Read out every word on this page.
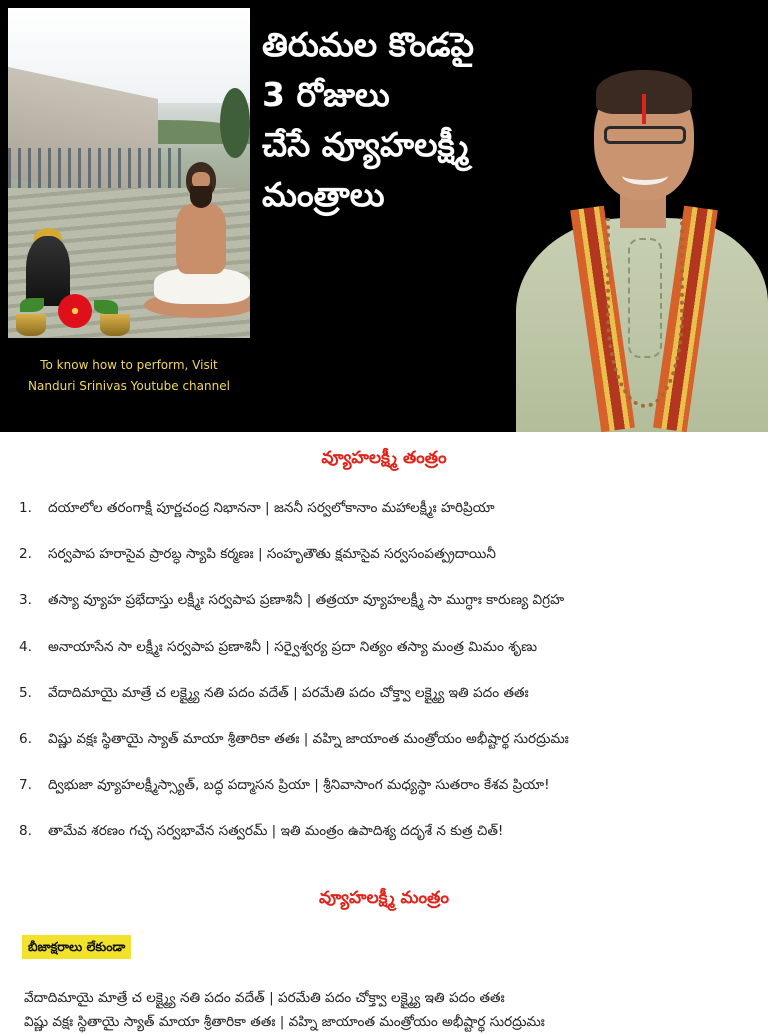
To know how to perform, Visit
Nanduri Srinivas Youtube channel
తిరుమల కొండపై
3 రోజులు
చేసే వ్యూహలక్ష్మీ
మంత్రాలు
వ్యూహలక్ష్మీ తంత్రం
1. దయాలోల తరంగాక్షీ పూర్ణచంద్ర నిభాననా | జననీ సర్వలోకానాం మహాలక్ష్మీః హరిప్రియా
2. సర్వపాప హరాసైవ ప్రారబ్ధ స్యాపి కర్మణః | సంహృతౌతు క్షమాసైవ సర్వసంపత్ప్రదాయినీ
3. తస్యా వ్యూహ ప్రభేదాస్తు లక్ష్మీః సర్వపాప ప్రణాశినీ | తత్రయా వ్యూహలక్ష్మీ సా ముగ్ధాః కారుణ్య విగ్రహ
4. అనాయాసేన సా లక్ష్మీః సర్వపాప ప్రణాశినీ | సర్వైశ్వర్య ప్రదా నిత్యం తస్యా మంత్ర మిమం శృణు
5. వేదాదిమాయై మాత్రే చ లక్ష్మ్యై నతి పదం వదేత్ | పరమేతి పదం చోక్త్వా లక్ష్మ్యై ఇతి పదం తతః
6. విష్ణు వక్షః స్థితాయై స్యాత్ మాయా శ్రీతారికా తతః | వహ్ని జాయాంత మంత్రోయం అభీష్టార్థ సురద్రుమః
7. ద్విభుజా వ్యూహలక్ష్మీస్స్యాత్, బద్ధ పద్మాసన ప్రియా | శ్రీనివాసాంగ మధ్యస్థా సుతరాం కేశవ ప్రియా!
8. తామేవ శరణం గచ్ఛ సర్వభావేన సత్వరమ్ | ఇతి మంత్రం ఉపాదిశ్య దదృశే న కుత్ర చిత్!
వ్యూహలక్ష్మీ మంత్రం
బీజాక్షరాలు లేకుండా
వేదాదిమాయై మాత్రే చ లక్ష్మ్యై నతి పదం వదేత్ | పరమేతి పదం చోక్త్వా లక్ష్మ్యై ఇతి పదం తతః
విష్ణు వక్షః స్థితాయై స్యాత్ మాయా శ్రీతారికా తతః | వహ్ని జాయాంత మంత్రోయం అభీష్టార్థ సురద్రుమః
